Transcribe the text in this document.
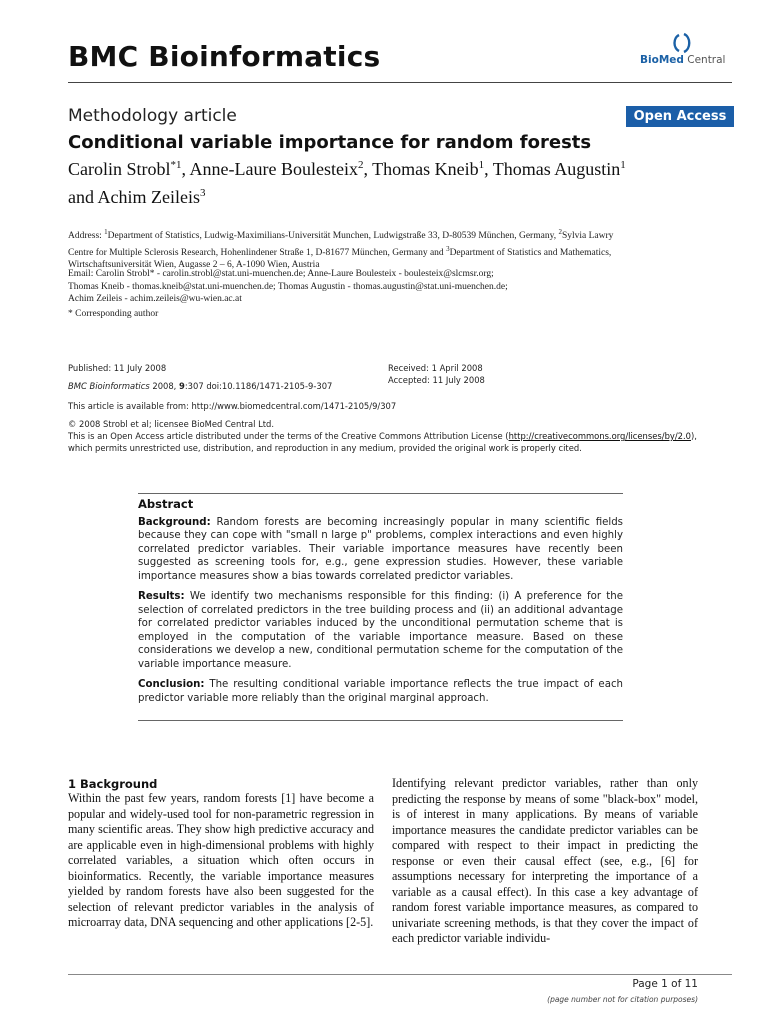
BMC Bioinformatics	BioMed Central
Methodology article	Open Access
Conditional variable importance for random forests
Carolin Strobl$^{*1}$, Anne-Laure Boulesteix$^2$, Thomas Kneib$^1$, Thomas Augustin$^1$
and Achim Zeileis$^3$
Address: $^1$Department of Statistics, Ludwig-Maximilians-Universität Munchen, Ludwigstraße 33, D-80539 München, Germany, $^2$Sylvia Lawry
Centre for Multiple Sclerosis Research, Hohenlindener Straße 1, D-81677 München, Germany and $^3$Department of Statistics and Mathematics,
Wirtschaftsuniversität Wien, Augasse 2 – 6, A-1090 Wien, Austria
Email: Carolin Strobl* - carolin.strobl@stat.uni-muenchen.de; Anne-Laure Boulesteix - boulesteix@slcmsr.org;
Thomas Kneib - thomas.kneib@stat.uni-muenchen.de; Thomas Augustin - thomas.augustin@stat.uni-muenchen.de;
Achim Zeileis - achim.zeileis@wu-wien.ac.at
* Corresponding author
Published: 11 July 2008
BMC Bioinformatics 2008, 9:307 doi:10.1186/1471-2105-9-307
Received: 1 April 2008
Accepted: 11 July 2008
This article is available from: http://www.biomedcentral.com/1471-2105/9/307
© 2008 Strobl et al; licensee BioMed Central Ltd.
This is an Open Access article distributed under the terms of the Creative Commons Attribution License (http://creativecommons.org/licenses/by/2.0),
which permits unrestricted use, distribution, and reproduction in any medium, provided the original work is properly cited.
Abstract

Background: Random forests are becoming increasingly popular in many scientific fields because they can cope with "small n large p" problems, complex interactions and even highly correlated predictor variables. Their variable importance measures have recently been suggested as screening tools for, e.g., gene expression studies. However, these variable importance measures show a bias towards correlated predictor variables.

Results: We identify two mechanisms responsible for this finding: (i) A preference for the selection of correlated predictors in the tree building process and (ii) an additional advantage for correlated predictor variables induced by the unconditional permutation scheme that is employed in the computation of the variable importance measure. Based on these considerations we develop a new, conditional permutation scheme for the computation of the variable importance measure.

Conclusion: The resulting conditional variable importance reflects the true impact of each predictor variable more reliably than the original marginal approach.

1 Background
Within the past few years, random forests [1] have become a popular and widely-used tool for non-parametric regression in many scientific areas. They show high predictive accuracy and are applicable even in high-dimensional problems with highly correlated variables, a situation which often occurs in bioinformatics. Recently, the variable importance measures yielded by random forests have also been suggested for the selection of relevant predictor variables in the analysis of microarray data, DNA sequencing and other applications [2-5].
Identifying relevant predictor variables, rather than only predicting the response by means of some "black-box" model, is of interest in many applications. By means of variable importance measures the candidate predictor variables can be compared with respect to their impact in predicting the response or even their causal effect (see, e.g., [6] for assumptions necessary for interpreting the importance of a variable as a causal effect). In this case a key advantage of random forest variable importance measures, as compared to univariate screening methods, is that they cover the impact of each predictor variable individu-
Page 1 of 11
(page number not for citation purposes)
